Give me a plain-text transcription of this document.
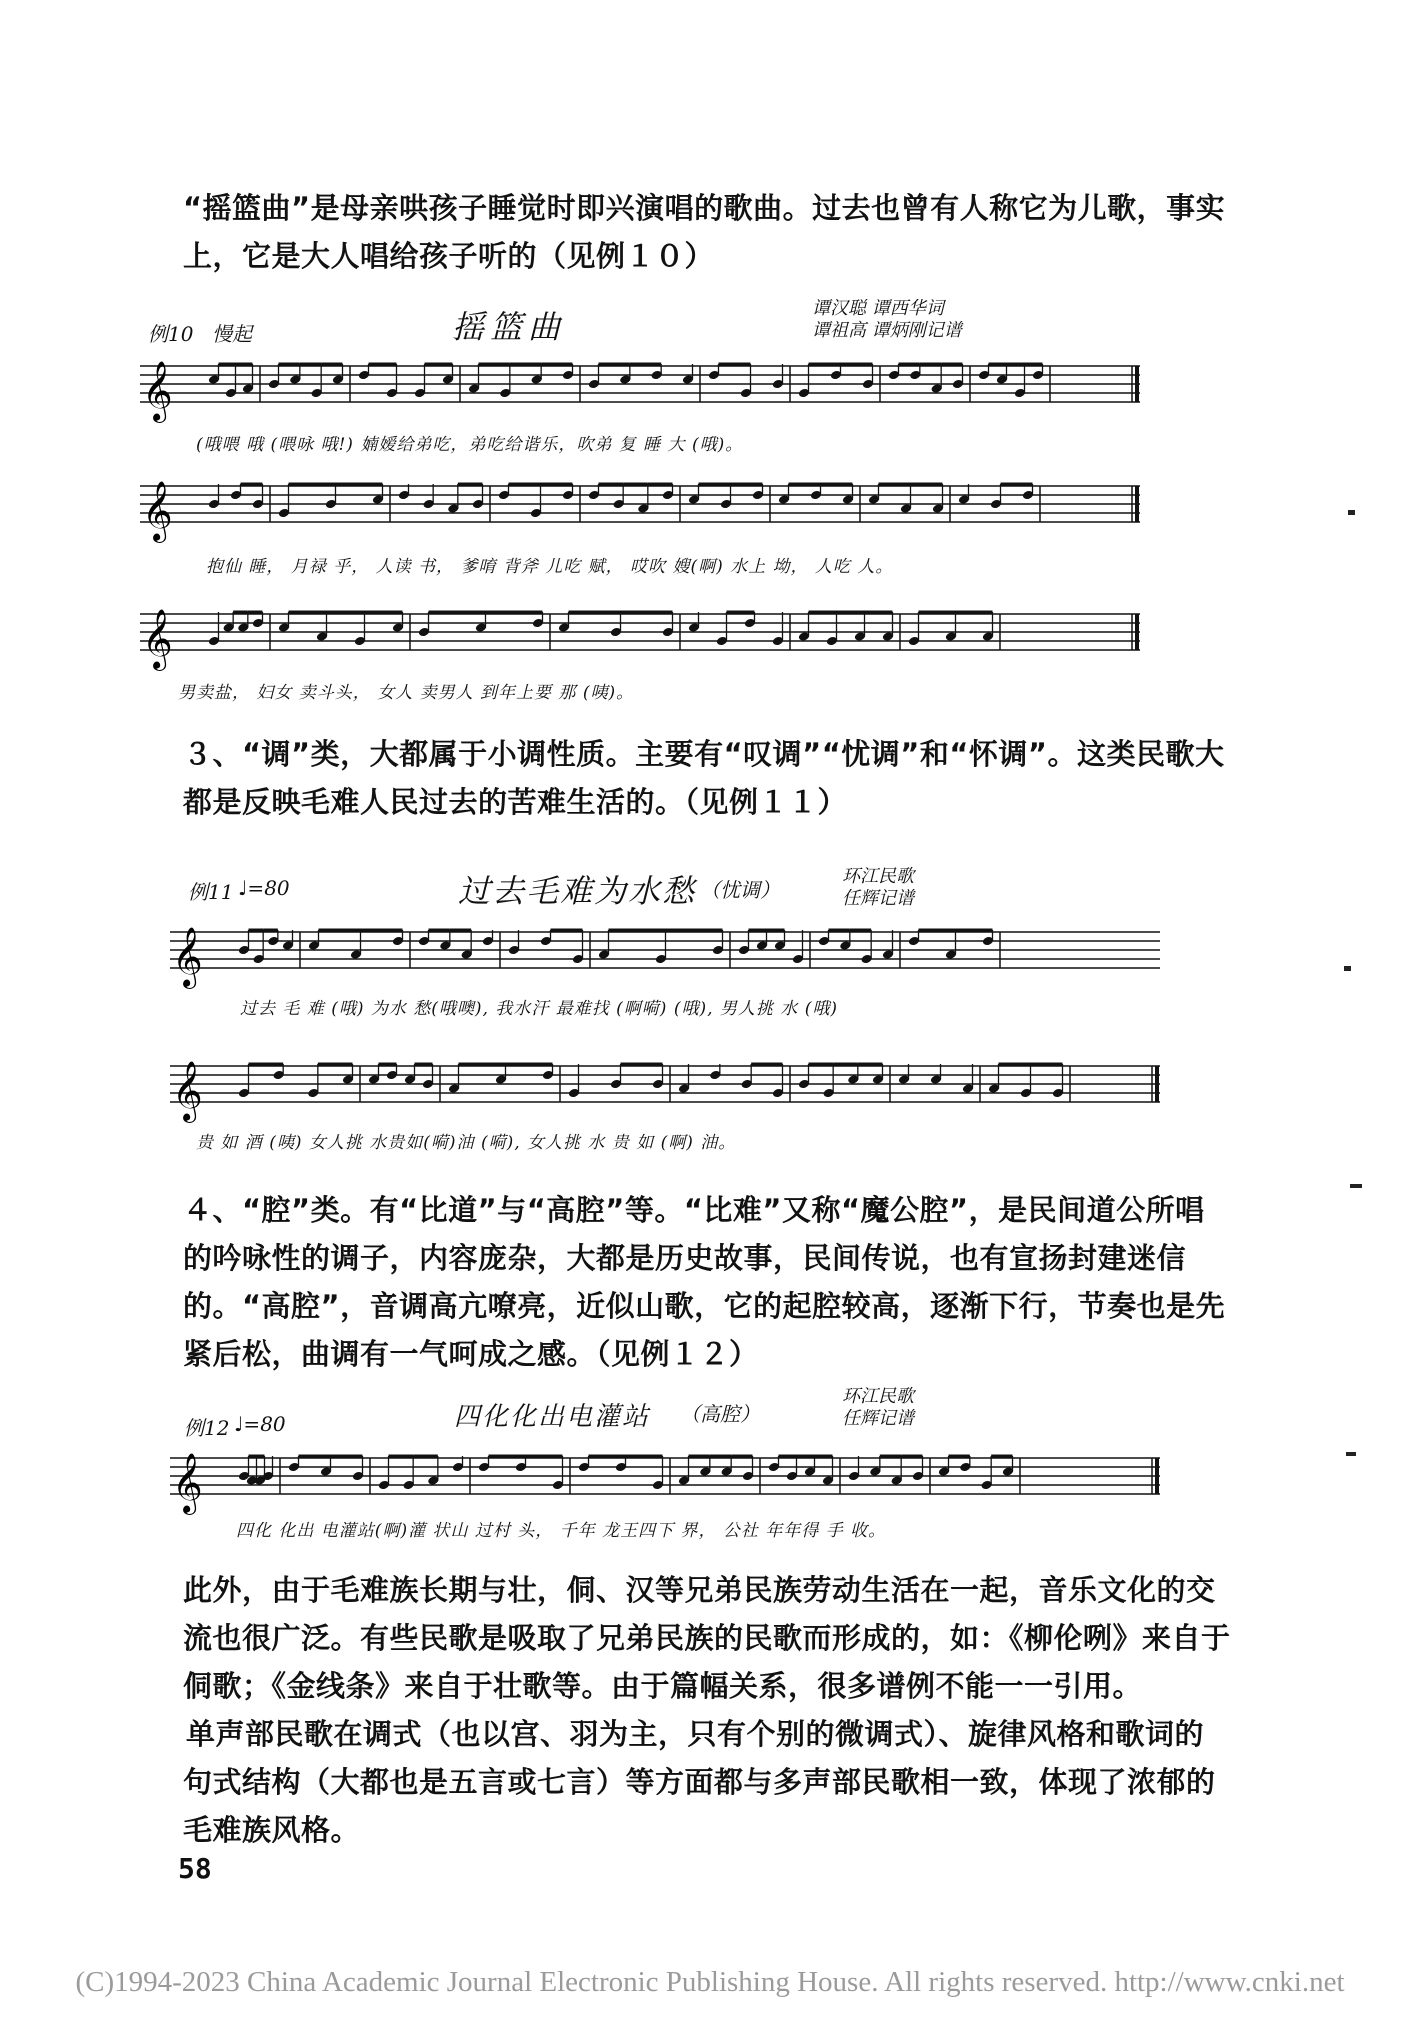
“摇篮曲”是母亲哄孩子睡觉时即兴演唱的歌曲。过去也曾有人称它为儿歌，事实上，它是大人唱给孩子听的（见例１０）

例10 慢起	摇篮曲	谭汉聪 谭西华词
谭祖高 谭炳刚记谱
𝄞
(哦喂 哦 (喂咏 哦!) 婻嫒给弟吃，弟吃给谐乐，吹弟 复 睡 大 (哦)。
𝄞
抱仙 睡， 月禄 乎， 人读 书， 爹唷 背斧 儿吃 赋， 哎吹 嫂(啊) 水上 坳， 人吃 人。
𝄞
男卖盐， 妇女 卖斗头， 女人 卖男人 到年上要 那 (咦)。

３、“调”类，大都属于小调性质。主要有“叹调”“忧调”和“怀调”。这类民歌大都是反映毛难人民过去的苦难生活的。（见例１１）

例11 ♩=80	过去毛难为水愁 （忧调）
环江民歌
任辉记谱
𝄞
过去 毛 难 (哦) 为水 愁(哦噢), 我水汗 最难找 (啊嗬) (哦), 男人挑 水 (哦)
𝄞
贵 如 酒 (咦) 女人挑 水贵如(嗬)油 (嗬), 女人挑 水 贵 如 (啊) 油。

４、“腔”类。有“比道”与“高腔”等。“比难”又称“魔公腔”，是民间道公所唱的吟咏性的调子，内容庞杂，大都是历史故事，民间传说，也有宣扬封建迷信的。“高腔”，音调高亢嘹亮，近似山歌，它的起腔较高，逐渐下行，节奏也是先紧后松，曲调有一气呵成之感。（见例１２）

例12 ♩=80	四化化出电灌站 （高腔）
环江民歌
任辉记谱
𝄞
四化 化出 电灌站(啊)灌 状山 过村 头， 千年 龙王四下 界， 公社 年年得 手 收。

此外，由于毛难族长期与壮，侗、汉等兄弟民族劳动生活在一起，音乐文化的交流也很广泛。有些民歌是吸取了兄弟民族的民歌而形成的，如：《柳伦咧》来自于侗歌；《金线条》来自于壮歌等。由于篇幅关系，很多谱例不能一一引用。

单声部民歌在调式（也以宫、羽为主，只有个别的微调式）、旋律风格和歌词的句式结构（大都也是五言或七言）等方面都与多声部民歌相一致，体现了浓郁的毛难族风格。

58
(C)1994-2023 China Academic Journal Electronic Publishing House. All rights reserved. http://www.cnki.net
